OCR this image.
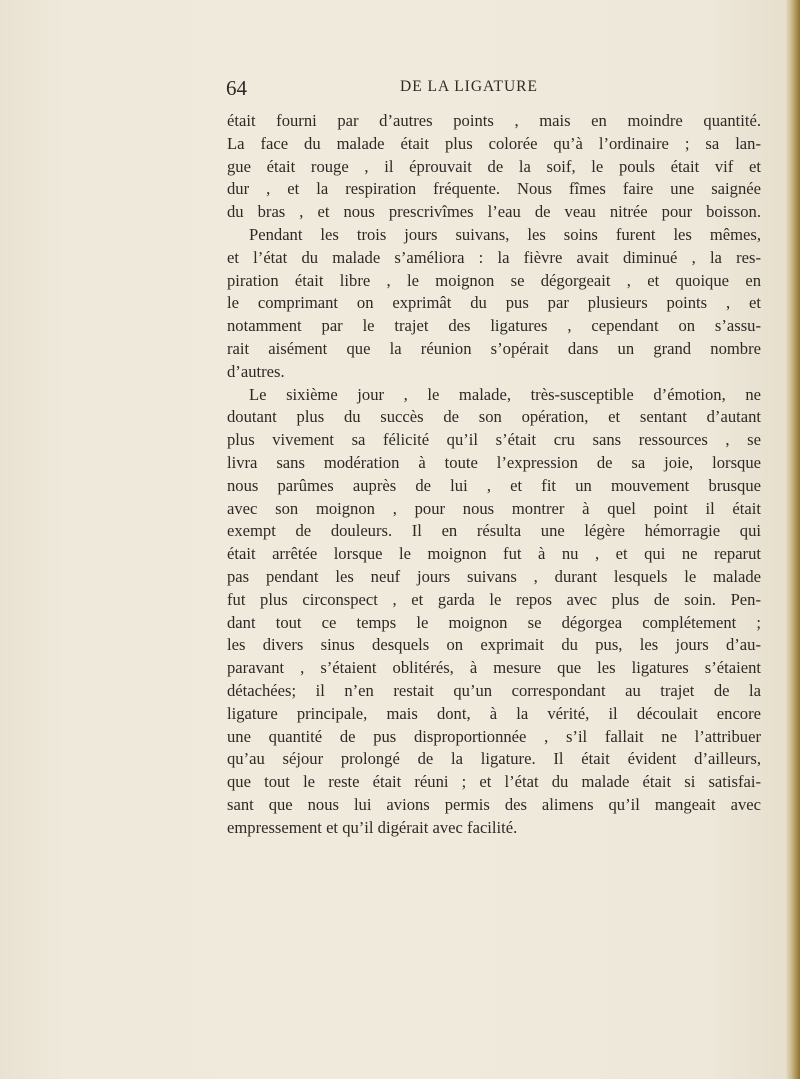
64	DE LA LIGATURE
était fourni par d’autres points , mais en moindre quantité.
La face du malade était plus colorée qu’à l’ordinaire ; sa lan-
gue était rouge , il éprouvait de la soif, le pouls était vif et
dur , et la respiration fréquente. Nous fîmes faire une saignée
du bras , et nous prescrivîmes l’eau de veau nitrée pour boisson.
Pendant les trois jours suivans, les soins furent les mêmes,
et l’état du malade s’améliora : la fièvre avait diminué , la res-
piration était libre , le moignon se dégorgeait , et quoique en
le comprimant on exprimât du pus par plusieurs points , et
notamment par le trajet des ligatures , cependant on s’assu-
rait aisément que la réunion s’opérait dans un grand nombre
d’autres.
Le sixième jour , le malade, très-susceptible d’émotion, ne
doutant plus du succès de son opération, et sentant d’autant
plus vivement sa félicité qu’il s’était cru sans ressources , se
livra sans modération à toute l’expression de sa joie, lorsque
nous parûmes auprès de lui , et fit un mouvement brusque
avec son moignon , pour nous montrer à quel point il était
exempt de douleurs. Il en résulta une légère hémorragie qui
était arrêtée lorsque le moignon fut à nu , et qui ne reparut
pas pendant les neuf jours suivans , durant lesquels le malade
fut plus circonspect , et garda le repos avec plus de soin. Pen-
dant tout ce temps le moignon se dégorgea complétement ;
les divers sinus desquels on exprimait du pus, les jours d’au-
paravant , s’étaient oblitérés, à mesure que les ligatures s’étaient
détachées; il n’en restait qu’un correspondant au trajet de la
ligature principale, mais dont, à la vérité, il découlait encore
une quantité de pus disproportionnée , s’il fallait ne l’attribuer
qu’au séjour prolongé de la ligature. Il était évident d’ailleurs,
que tout le reste était réuni ; et l’état du malade était si satisfai-
sant que nous lui avions permis des alimens qu’il mangeait avec
empressement et qu’il digérait avec facilité.
